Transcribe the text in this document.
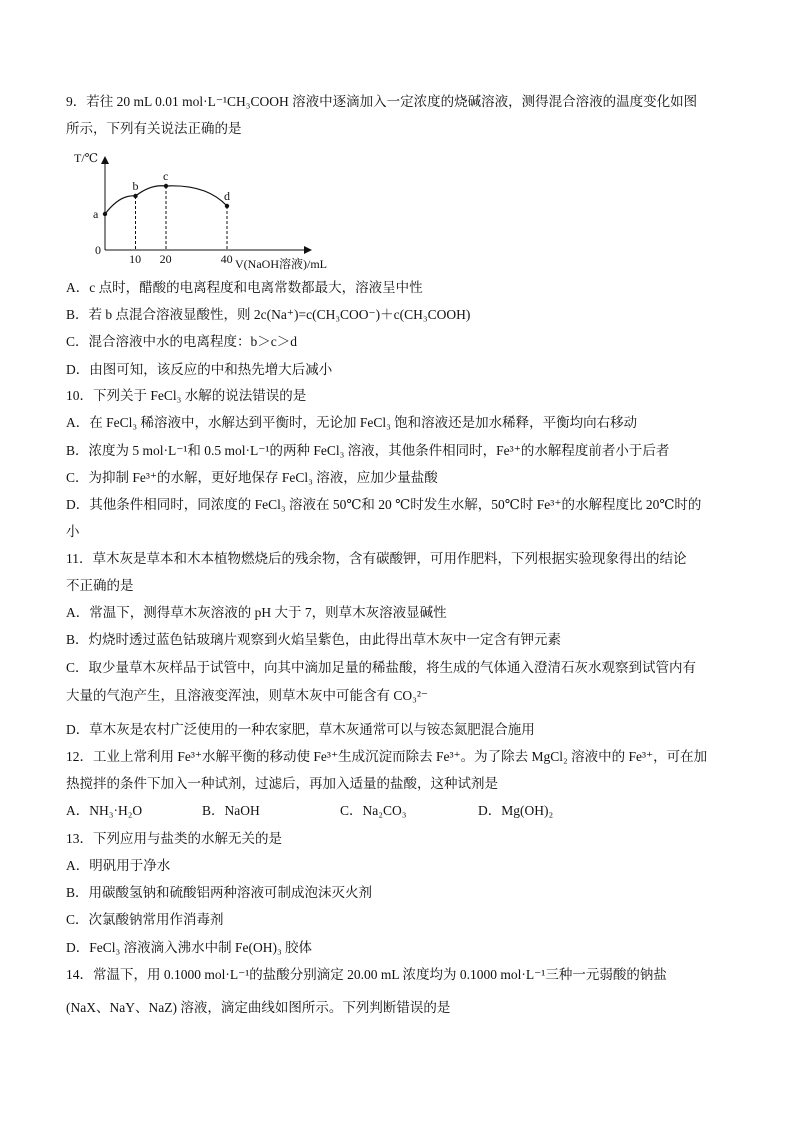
9．若往 20 mL 0.01 mol·L⁻¹CH₃COOH 溶液中逐滴加入一定浓度的烧碱溶液，测得混合溶液的温度变化如图
所示，下列有关说法正确的是
T/℃
0
a
b
c
d
10 20	40 V(NaOH溶液)/mL
A．c 点时，醋酸的电离程度和电离常数都最大，溶液呈中性
B．若 b 点混合溶液显酸性，则 2c(Na⁺)=c(CH₃COO⁻)＋c(CH₃COOH)
C．混合溶液中水的电离程度：b＞c＞d
D．由图可知，该反应的中和热先增大后减小
10．下列关于 FeCl₃ 水解的说法错误的是
A．在 FeCl₃ 稀溶液中，水解达到平衡时，无论加 FeCl₃ 饱和溶液还是加水稀释，平衡均向右移动
B．浓度为 5 mol·L⁻¹和 0.5 mol·L⁻¹的两种 FeCl₃ 溶液，其他条件相同时，Fe³⁺的水解程度前者小于后者
C．为抑制 Fe³⁺的水解，更好地保存 FeCl₃ 溶液，应加少量盐酸
D．其他条件相同时，同浓度的 FeCl₃ 溶液在 50℃和 20 ℃时发生水解，50℃时 Fe³⁺的水解程度比 20℃时的
小
11．草木灰是草本和木本植物燃烧后的残余物，含有碳酸钾，可用作肥料，下列根据实验现象得出的结论
不正确的是
A．常温下，测得草木灰溶液的 pH 大于 7，则草木灰溶液显碱性
B．灼烧时透过蓝色钴玻璃片观察到火焰呈紫色，由此得出草木灰中一定含有钾元素
C．取少量草木灰样品于试管中，向其中滴加足量的稀盐酸，将生成的气体通入澄清石灰水观察到试管内有
大量的气泡产生，且溶液变浑浊，则草木灰中可能含有 CO₃²⁻
D．草木灰是农村广泛使用的一种农家肥，草木灰通常可以与铵态氮肥混合施用
12．工业上常利用 Fe³⁺水解平衡的移动使 Fe³⁺生成沉淀而除去 Fe³⁺。为了除去 MgCl₂ 溶液中的 Fe³⁺，可在加
热搅拌的条件下加入一种试剂，过滤后，再加入适量的盐酸，这种试剂是
A．NH₃·H₂O	B．NaOH	C．Na₂CO₃	D．Mg(OH)₂
13．下列应用与盐类的水解无关的是
A．明矾用于净水
B．用碳酸氢钠和硫酸铝两种溶液可制成泡沫灭火剂
C．次氯酸钠常用作消毒剂
D．FeCl₃ 溶液滴入沸水中制 Fe(OH)₃ 胶体
14．常温下，用 0.1000 mol·L⁻¹的盐酸分别滴定 20.00 mL 浓度均为 0.1000 mol·L⁻¹三种一元弱酸的钠盐
(NaX、NaY、NaZ) 溶液，滴定曲线如图所示。下列判断错误的是
